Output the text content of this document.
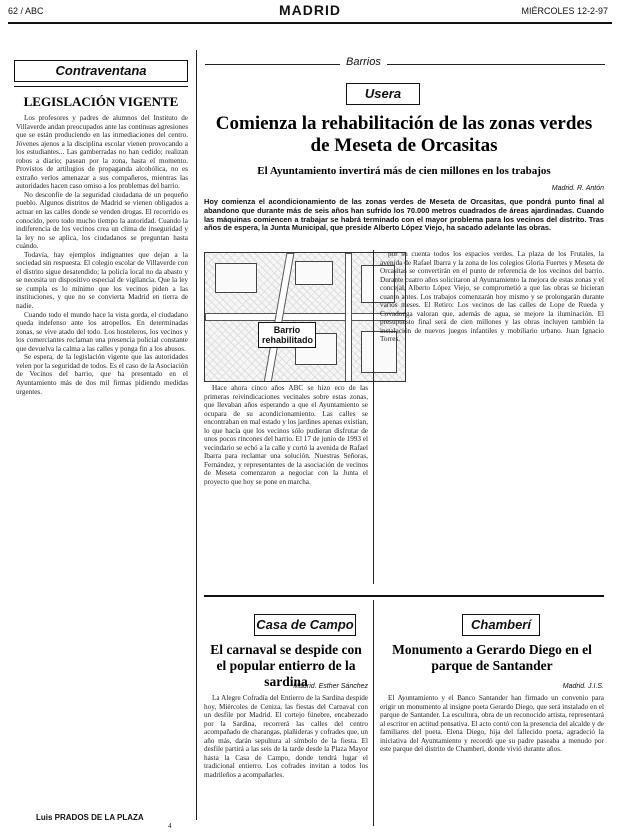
62 / ABC	MADRID	MIÉRCOLES 12-2-97
Contraventana
LEGISLACIÓN VIGENTE

Los profesores y padres de alumnos del Instituto de Villaverde andan preocupados ante las continuas agresiones que se están produciendo en las inmediaciones del centro. Jóvenes ajenos a la disciplina escolar vienen provocando a los estudiantes... Las gamberradas no han cedido; realizan robos a diario; pasean por la zona, hasta el momento. Provistos de artilugios de propaganda alcohólica, no es extraño verlos amenazar a sus compañeros, mientras las autoridades hacen caso omiso a los problemas del barrio.

No desconfíe de la seguridad ciudadana de un pequeño pueblo. Algunos distritos de Madrid se vienen obligados a actuar en las calles donde se venden drogas. El recorrido es conocido, pero todo mucho tiempo la autoridad. Cuando la indiferencia de los vecinos crea un clima de inseguridad y la ley no se aplica, los ciudadanos se preguntan hasta cuándo.

Todavía, hay ejemplos indignantes que dejan a la sociedad sin respuesta. El colegio escolar de Villaverde con el distrito sigue desatendido; la policía local no da abasto y se necesita un dispositivo especial de vigilancia. Que la ley se cumpla es lo mínimo que los vecinos piden a las instituciones, y que no se convierta Madrid en tierra de nadie.

Cuando todo el mundo hace la vista gorda, el ciudadano queda indefenso ante los atropellos. En determinadas zonas, se vive atado del todo. Los hosteleros, los vecinos y los comerciantes reclaman una presencia policial constante que devuelva la calma a las calles y ponga fin a los abusos.

Se espera, de la legislación vigente que las autoridades velen por la seguridad de todos. Es el caso de la Asociación de Vecinos del barrio, que ha presentado en el Ayuntamiento más de dos mil firmas pidiendo medidas urgentes.

Luis PRADOS DE LA PLAZA
Barrios
Usera
Comienza la rehabilitación de las zonas verdes de Meseta de Orcasitas
El Ayuntamiento invertirá más de cien millones en los trabajos
Madrid. R. Antón
Hoy comienza el acondicionamiento de las zonas verdes de Meseta de Orcasitas, que pondrá punto final al abandono que durante más de seis años han sufrido los 70.000 metros cuadrados de áreas ajardinadas. Cuando las máquinas comiencen a trabajar se habrá terminado con el mayor problema para los vecinos del distrito. Tras años de espera, la Junta Municipal, que preside Alberto López Viejo, ha sacado adelante las obras.
Barrio rehabilitado

Hace ahora cinco años ABC se hizo eco de las primeras reivindicaciones vecinales sobre estas zonas, que llevaban años esperando a que el Ayuntamiento se ocupara de su acondicionamiento. Las calles se encontraban en mal estado y los jardines apenas existían, lo que hacía que los vecinos sólo pudieran disfrutar de unos pocos rincones del barrio. El 17 de junio de 1993 el vecindario se echó a la calle y cortó la avenida de Rafael Ibarra para reclamar una solución. Nuestras Señoras, Fernández, y representantes de la asociación de vecinos de Meseta comenzaron a negociar con la Junta el proyecto que hoy se pone en marcha.

por su cuenta todos los espacios verdes. La plaza de los Frutales, la avenida de Rafael Ibarra y la zona de los colegios Gloria Fuertes y Meseta de Orcasitas se convertirán en el punto de referencia de los vecinos del barrio. Durante cuatro años solicitaron al Ayuntamiento la mejora de estas zonas y el concejal, Alberto López Viejo, se comprometió a que las obras se hicieran cuanto antes. Los trabajos comenzarán hoy mismo y se prolongarán durante varios meses. El Retiro: Los vecinos de las calles de Lope de Rueda y Covadonga valoran que, además de agua, se mejore la iluminación. El presupuesto final será de cien millones y las obras incluyen también la instalación de nuevos juegos infantiles y mobiliario urbano. Juan Ignacio Torres.

Casa de Campo
El carnaval se despide con el popular entierro de la sardina
Madrid. Esther Sánchez

La Alegre Cofradía del Entierro de la Sardina despide hoy, Miércoles de Ceniza, las fiestas del Carnaval con un desfile por Madrid. El cortejo fúnebre, encabezado por la Sardina, recorrerá las calles del centro acompañado de charangas, plañideras y cofrades que, un año más, darán sepultura al símbolo de la fiesta. El desfile partirá a las seis de la tarde desde la Plaza Mayor hasta la Casa de Campo, donde tendrá lugar el tradicional entierro. Los cofrades invitan a todos los madrileños a acompañarles.

Chamberí
Monumento a Gerardo Diego en el parque de Santander
Madrid. J.I.S.

El Ayuntamiento y el Banco Santander han firmado un convenio para erigir un monumento al insigne poeta Gerardo Diego, que será instalado en el parque de Santander. La escultura, obra de un reconocido artista, representará al escritor en actitud pensativa. El acto contó con la presencia del alcalde y de familiares del poeta. Elena Diego, hija del fallecido poeta, agradeció la iniciativa del Ayuntamiento y recordó que su padre paseaba a menudo por este parque del distrito de Chamberí, donde vivió durante años.

4
